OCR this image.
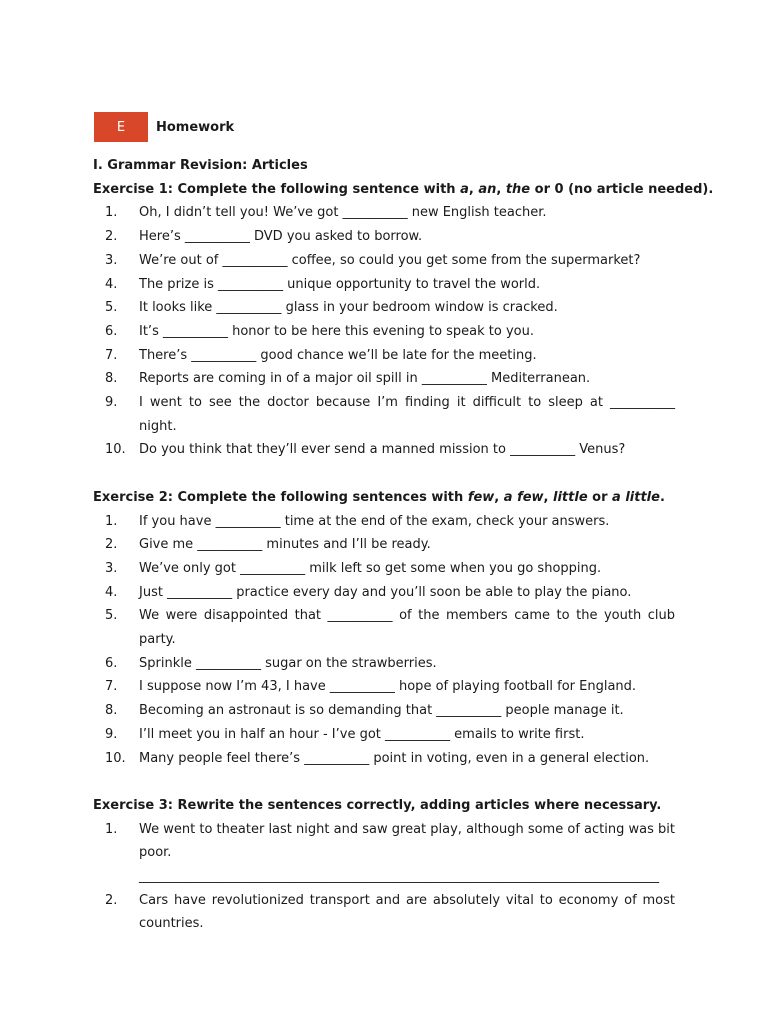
E	Homework
I. Grammar Revision: Articles
Exercise 1: Complete the following sentence with a, an, the or 0 (no article needed).
1.	Oh, I didn’t tell you! We’ve got __________ new English teacher.
2.	Here’s __________ DVD you asked to borrow.
3.	We’re out of __________ coffee, so could you get some from the supermarket?
4.	The prize is __________ unique opportunity to travel the world.
5.	It looks like __________ glass in your bedroom window is cracked.
6.	It’s __________ honor to be here this evening to speak to you.
7.	There’s __________ good chance we’ll be late for the meeting.
8.	Reports are coming in of a major oil spill in __________ Mediterranean.
9.	I went to see the doctor because I’m finding it difficult to sleep at __________ night.
10.	Do you think that they’ll ever send a manned mission to __________ Venus?
Exercise 2: Complete the following sentences with few, a few, little or a little.
1.	If you have __________ time at the end of the exam, check your answers.
2.	Give me __________ minutes and I’ll be ready.
3.	We’ve only got __________ milk left so get some when you go shopping.
4.	Just __________ practice every day and you’ll soon be able to play the piano.
5.	We were disappointed that __________ of the members came to the youth club party.
6.	Sprinkle __________ sugar on the strawberries.
7.	I suppose now I’m 43, I have __________ hope of playing football for England.
8.	Becoming an astronaut is so demanding that __________ people manage it.
9.	I’ll meet you in half an hour - I’ve got __________ emails to write first.
10.	Many people feel there’s __________ point in voting, even in a general election.
Exercise 3: Rewrite the sentences correctly, adding articles where necessary.
1.	We went to theater last night and saw great play, although some of acting was bit poor.
________________________________________________________________________________
2.	Cars have revolutionized transport and are absolutely vital to economy of most countries.
